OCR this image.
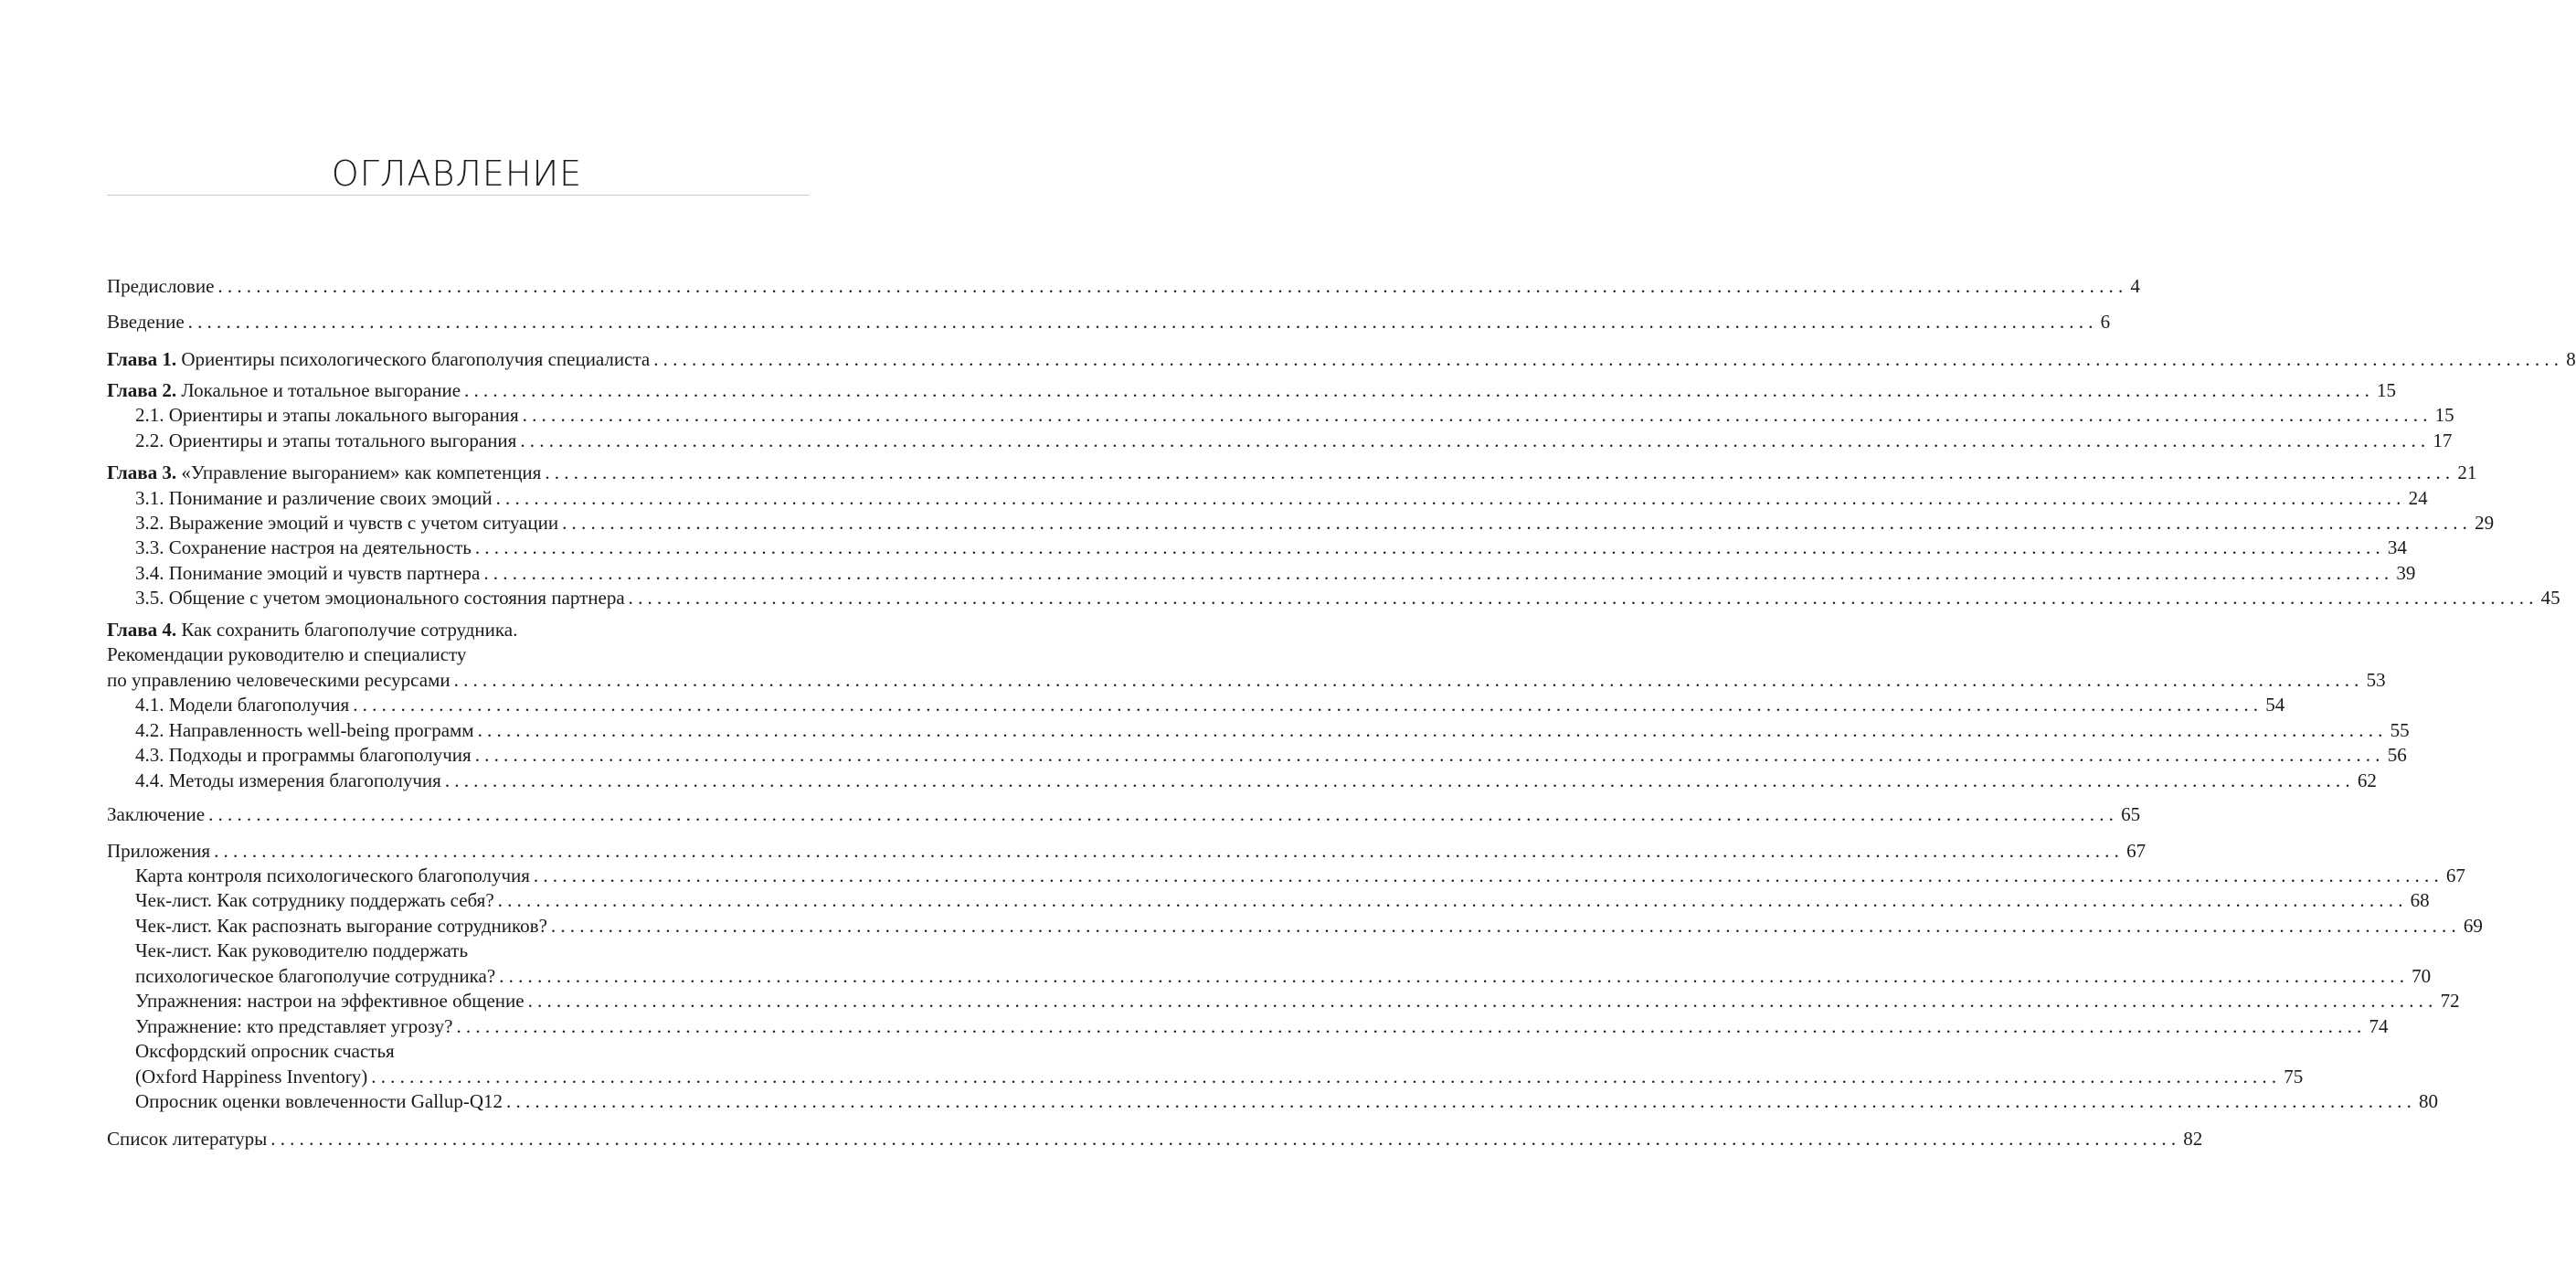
ОГЛАВЛЕНИЕ
Предисловие ........................................................................................................................................................................................................ 4
Введение ........................................................................................................................................................................................................ 6
Глава 1. Ориентиры психологического благополучия специалиста ........................................................................................................................................................................................................ 8
Глава 2. Локальное и тотальное выгорание ........................................................................................................................................................................................................ 15
2.1. Ориентиры и этапы локального выгорания ........................................................................................................................................................................................................ 15
2.2. Ориентиры и этапы тотального выгорания ........................................................................................................................................................................................................ 17
Глава 3. «Управление выгоранием» как компетенция ........................................................................................................................................................................................................ 21
3.1. Понимание и различение своих эмоций ........................................................................................................................................................................................................ 24
3.2. Выражение эмоций и чувств с учетом ситуации ........................................................................................................................................................................................................ 29
3.3. Сохранение настроя на деятельность ........................................................................................................................................................................................................ 34
3.4. Понимание эмоций и чувств партнера ........................................................................................................................................................................................................ 39
3.5. Общение с учетом эмоционального состояния партнера ........................................................................................................................................................................................................ 45
Глава 4. Как сохранить благополучие сотрудника.
Рекомендации руководителю и специалисту
по управлению человеческими ресурсами ........................................................................................................................................................................................................ 53
4.1. Модели благополучия ........................................................................................................................................................................................................ 54
4.2. Направленность well-being программ ........................................................................................................................................................................................................ 55
4.3. Подходы и программы благополучия ........................................................................................................................................................................................................ 56
4.4. Методы измерения благополучия ........................................................................................................................................................................................................ 62
Заключение ........................................................................................................................................................................................................ 65
Приложения ........................................................................................................................................................................................................ 67
Карта контроля психологического благополучия ........................................................................................................................................................................................................ 67
Чек-лист. Как сотруднику поддержать себя? ........................................................................................................................................................................................................ 68
Чек-лист. Как распознать выгорание сотрудников? ........................................................................................................................................................................................................ 69
Чек-лист. Как руководителю поддержать
психологическое благополучие сотрудника? ........................................................................................................................................................................................................ 70
Упражнения: настрои на эффективное общение ........................................................................................................................................................................................................ 72
Упражнение: кто представляет угрозу? ........................................................................................................................................................................................................ 74
Оксфордский опросник счастья
(Oxford Happiness Inventory) ........................................................................................................................................................................................................ 75
Опросник оценки вовлеченности Gallup-Q12 ........................................................................................................................................................................................................ 80
Список литературы ........................................................................................................................................................................................................ 82
